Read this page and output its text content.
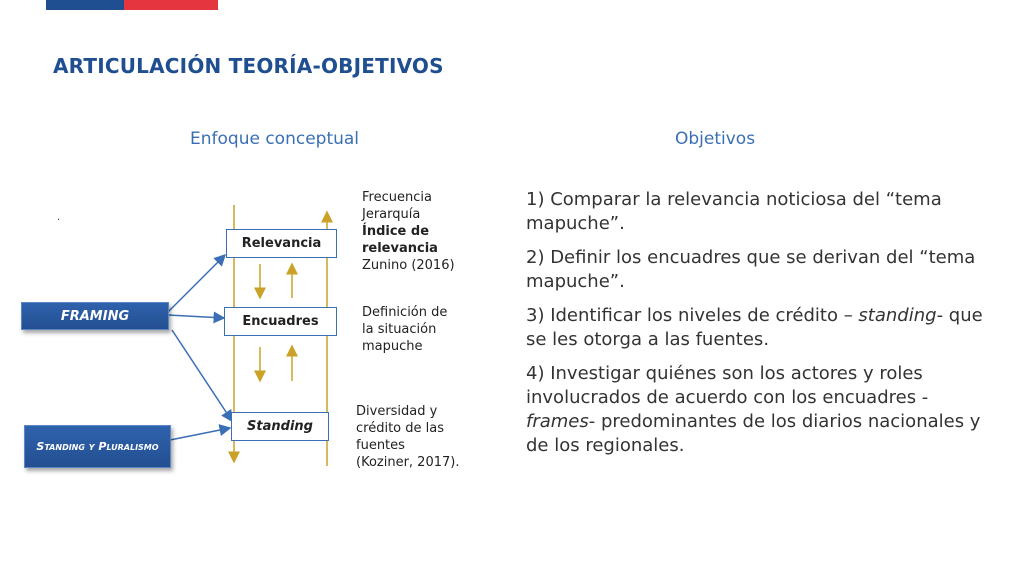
ARTICULACIÓN TEORÍA-OBJETIVOS
Enfoque conceptual	Objetivos
.
FRAMING
Standing y Pluralismo
Relevancia
Encuadres
Standing
Frecuencia
Jerarquía
Índice de
relevancia
Zunino (2016)
Definición de
la situación
mapuche
Diversidad y
crédito de las
fuentes
(Koziner, 2017).

1) Comparar la relevancia noticiosa del “tema mapuche”.

2) Definir los encuadres que se derivan del “tema mapuche”.

3) Identificar los niveles de crédito – standing- que se les otorga a las fuentes.

4) Investigar quiénes son los actores y roles involucrados de acuerdo con los encuadres - frames- predominantes de los diarios nacionales y de los regionales.
